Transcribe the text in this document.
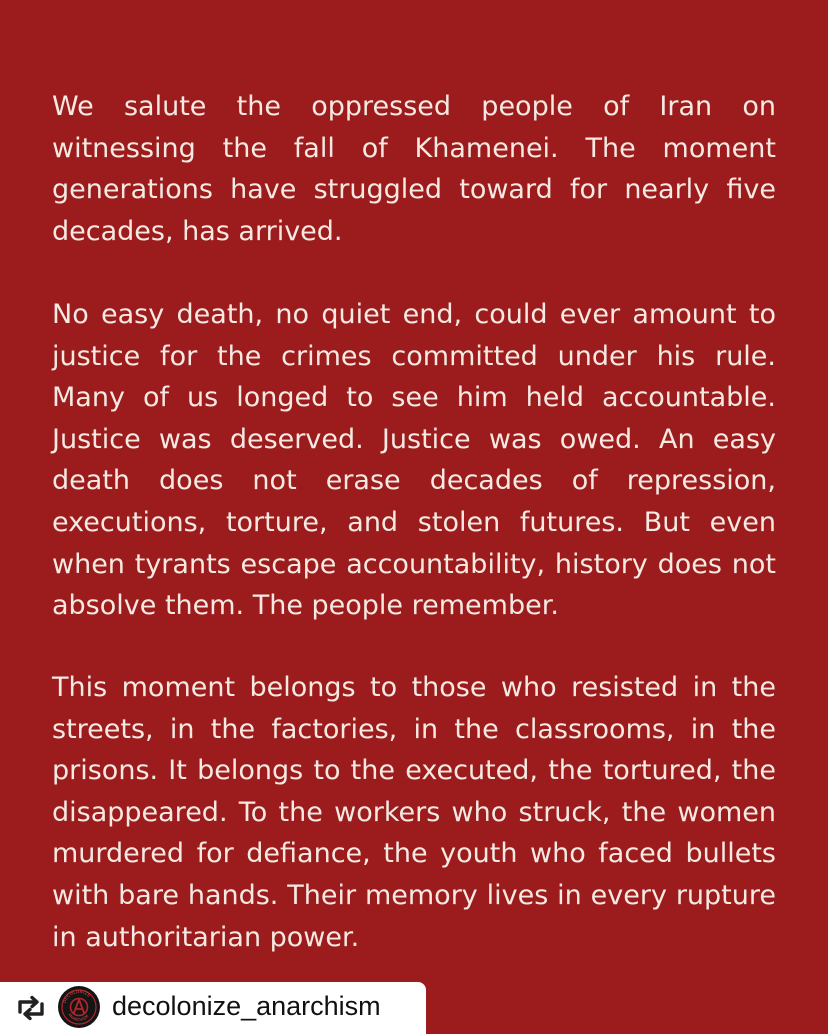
We salute the oppressed people of Iran on witnessing the fall of Khamenei. The moment generations have struggled toward for nearly five decades, has arrived.
No easy death, no quiet end, could ever amount to justice for the crimes committed under his rule. Many of us longed to see him held accountable. Justice was deserved. Justice was owed. An easy death does not erase decades of repression, executions, torture, and stolen futures. But even when tyrants escape accountability, history does not absolve them. The people remember.
This moment belongs to those who resisted in the streets, in the factories, in the classrooms, in the prisons. It belongs to the executed, the tortured, the disappeared. To the workers who struck, the women murdered for defiance, the youth who faced bullets with bare hands. Their memory lives in every rupture in authoritarian power.
DECOLONIZE
ANARCHISM decolonize_anarchism
